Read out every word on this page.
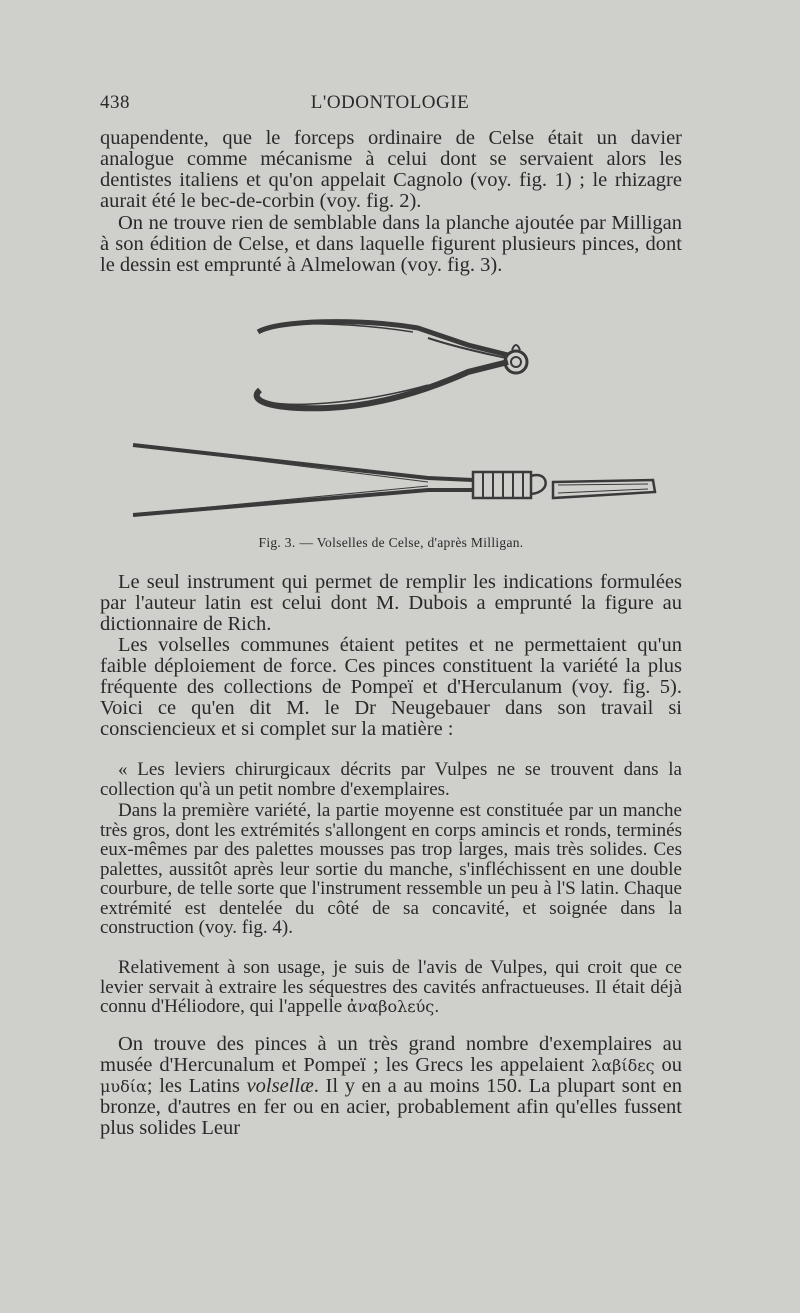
438	L'ODONTOLOGIE

quapendente, que le forceps ordinaire de Celse était un davier analogue comme mécanisme à celui dont se servaient alors les dentistes italiens et qu'on appelait Cagnolo (voy. fig. 1) ; le rhizagre aurait été le bec-de-corbin (voy. fig. 2).

On ne trouve rien de semblable dans la planche ajoutée par Milligan à son édition de Celse, et dans laquelle figurent plusieurs pinces, dont le dessin est emprunté à Almelowan (voy. fig. 3).

Fig. 3. — Volselles de Celse, d'après Milligan.

Le seul instrument qui permet de remplir les indications formulées par l'auteur latin est celui dont M. Dubois a emprunté la figure au dictionnaire de Rich.

Les volselles communes étaient petites et ne permettaient qu'un faible déploiement de force. Ces pinces constituent la variété la plus fréquente des collections de Pompeï et d'Herculanum (voy. fig. 5). Voici ce qu'en dit M. le Dr Neugebauer dans son travail si consciencieux et si complet sur la matière :

« Les leviers chirurgicaux décrits par Vulpes ne se trouvent dans la collection qu'à un petit nombre d'exemplaires.

Dans la première variété, la partie moyenne est constituée par un manche très gros, dont les extrémités s'allongent en corps amincis et ronds, terminés eux-mêmes par des palettes mousses pas trop larges, mais très solides. Ces palettes, aussitôt après leur sortie du manche, s'infléchissent en une double courbure, de telle sorte que l'instrument ressemble un peu à l'S latin. Chaque extrémité est dentelée du côté de sa concavité, et soignée dans la construction (voy. fig. 4).

Relativement à son usage, je suis de l'avis de Vulpes, qui croit que ce levier servait à extraire les séquestres des cavités anfractueuses. Il était déjà connu d'Héliodore, qui l'appelle ἀναβολεύς.

On trouve des pinces à un très grand nombre d'exemplaires au musée d'Hercunalum et Pompeï ; les Grecs les appelaient λαβίδες ou μυδία; les Latins volsellæ. Il y en a au moins 150. La plupart sont en bronze, d'autres en fer ou en acier, probablement afin qu'elles fussent plus solides Leur
